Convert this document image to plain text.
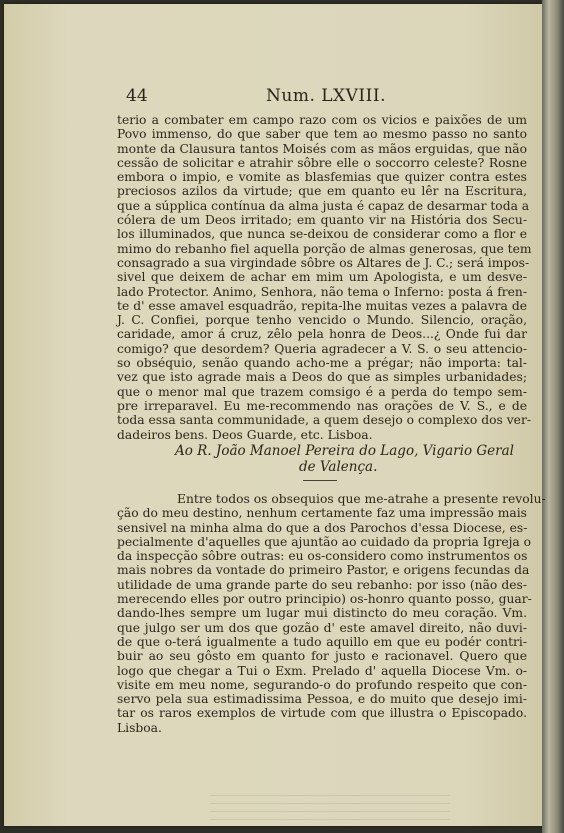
44	Num. LXVIII.
terio a combater em campo razo com os vicios e paixões de um
Povo immenso, do que saber que tem ao mesmo passo no santo
monte da Clausura tantos Moisés com as mãos erguidas, que não
cessão de solicitar e atrahir sôbre elle o soccorro celeste? Rosne
embora o impio, e vomite as blasfemias que quizer contra estes
preciosos azilos da virtude; que em quanto eu lêr na Escritura,
que a súpplica contínua da alma justa é capaz de desarmar toda a
cólera de um Deos irritado; em quanto vir na História dos Secu-
los illuminados, que nunca se-deixou de considerar como a flor e
mimo do rebanho fiel aquella porção de almas generosas, que tem
consagrado a sua virgindade sôbre os Altares de J. C.; será impos-
sivel que deixem de achar em mim um Apologista, e um desve-
lado Protector. Animo, Senhora, não tema o Inferno: posta á fren-
te d' esse amavel esquadrão, repita-lhe muitas vezes a palavra de
J. C. Confiei, porque tenho vencido o Mundo. Silencio, oração,
caridade, amor á cruz, zêlo pela honra de Deos...¿ Onde fui dar
comigo? que desordem? Queria agradecer a V. S. o seu attencio-
so obséquio, senão quando acho-me a prégar; não importa: tal-
vez que isto agrade mais a Deos do que as simples urbanidades;
que o menor mal que trazem comsigo é a perda do tempo sem-
pre irreparavel. Eu me-recommendo nas orações de V. S., e de
toda essa santa communidade, a quem desejo o complexo dos ver-
dadeiros bens. Deos Guarde, etc. Lisboa.
Ao R. João Manoel Pereira do Lago, Vigario Geral
de Valença.
Entre todos os obsequios que me-atrahe a presente revolu-
ção do meu destino, nenhum certamente faz uma impressão mais
sensivel na minha alma do que a dos Parochos d'essa Diocese, es-
pecialmente d'aquelles que ajuntão ao cuidado da propria Igreja o
da inspecção sôbre outras: eu os-considero como instrumentos os
mais nobres da vontade do primeiro Pastor, e origens fecundas da
utilidade de uma grande parte do seu rebanho: por isso (não des-
merecendo elles por outro principio) os-honro quanto posso, guar-
dando-lhes sempre um lugar mui distincto do meu coração. Vm.
que julgo ser um dos que gozão d' este amavel direito, não duvi-
de que o-terá igualmente a tudo aquillo em que eu podér contri-
buir ao seu gôsto em quanto for justo e racionavel. Quero que
logo que chegar a Tui o Exm. Prelado d' aquella Diocese Vm. o-
visite em meu nome, segurando-o do profundo respeito que con-
servo pela sua estimadissima Pessoa, e do muito que desejo imi-
tar os raros exemplos de virtude com que illustra o Episcopado.
Lisboa.
